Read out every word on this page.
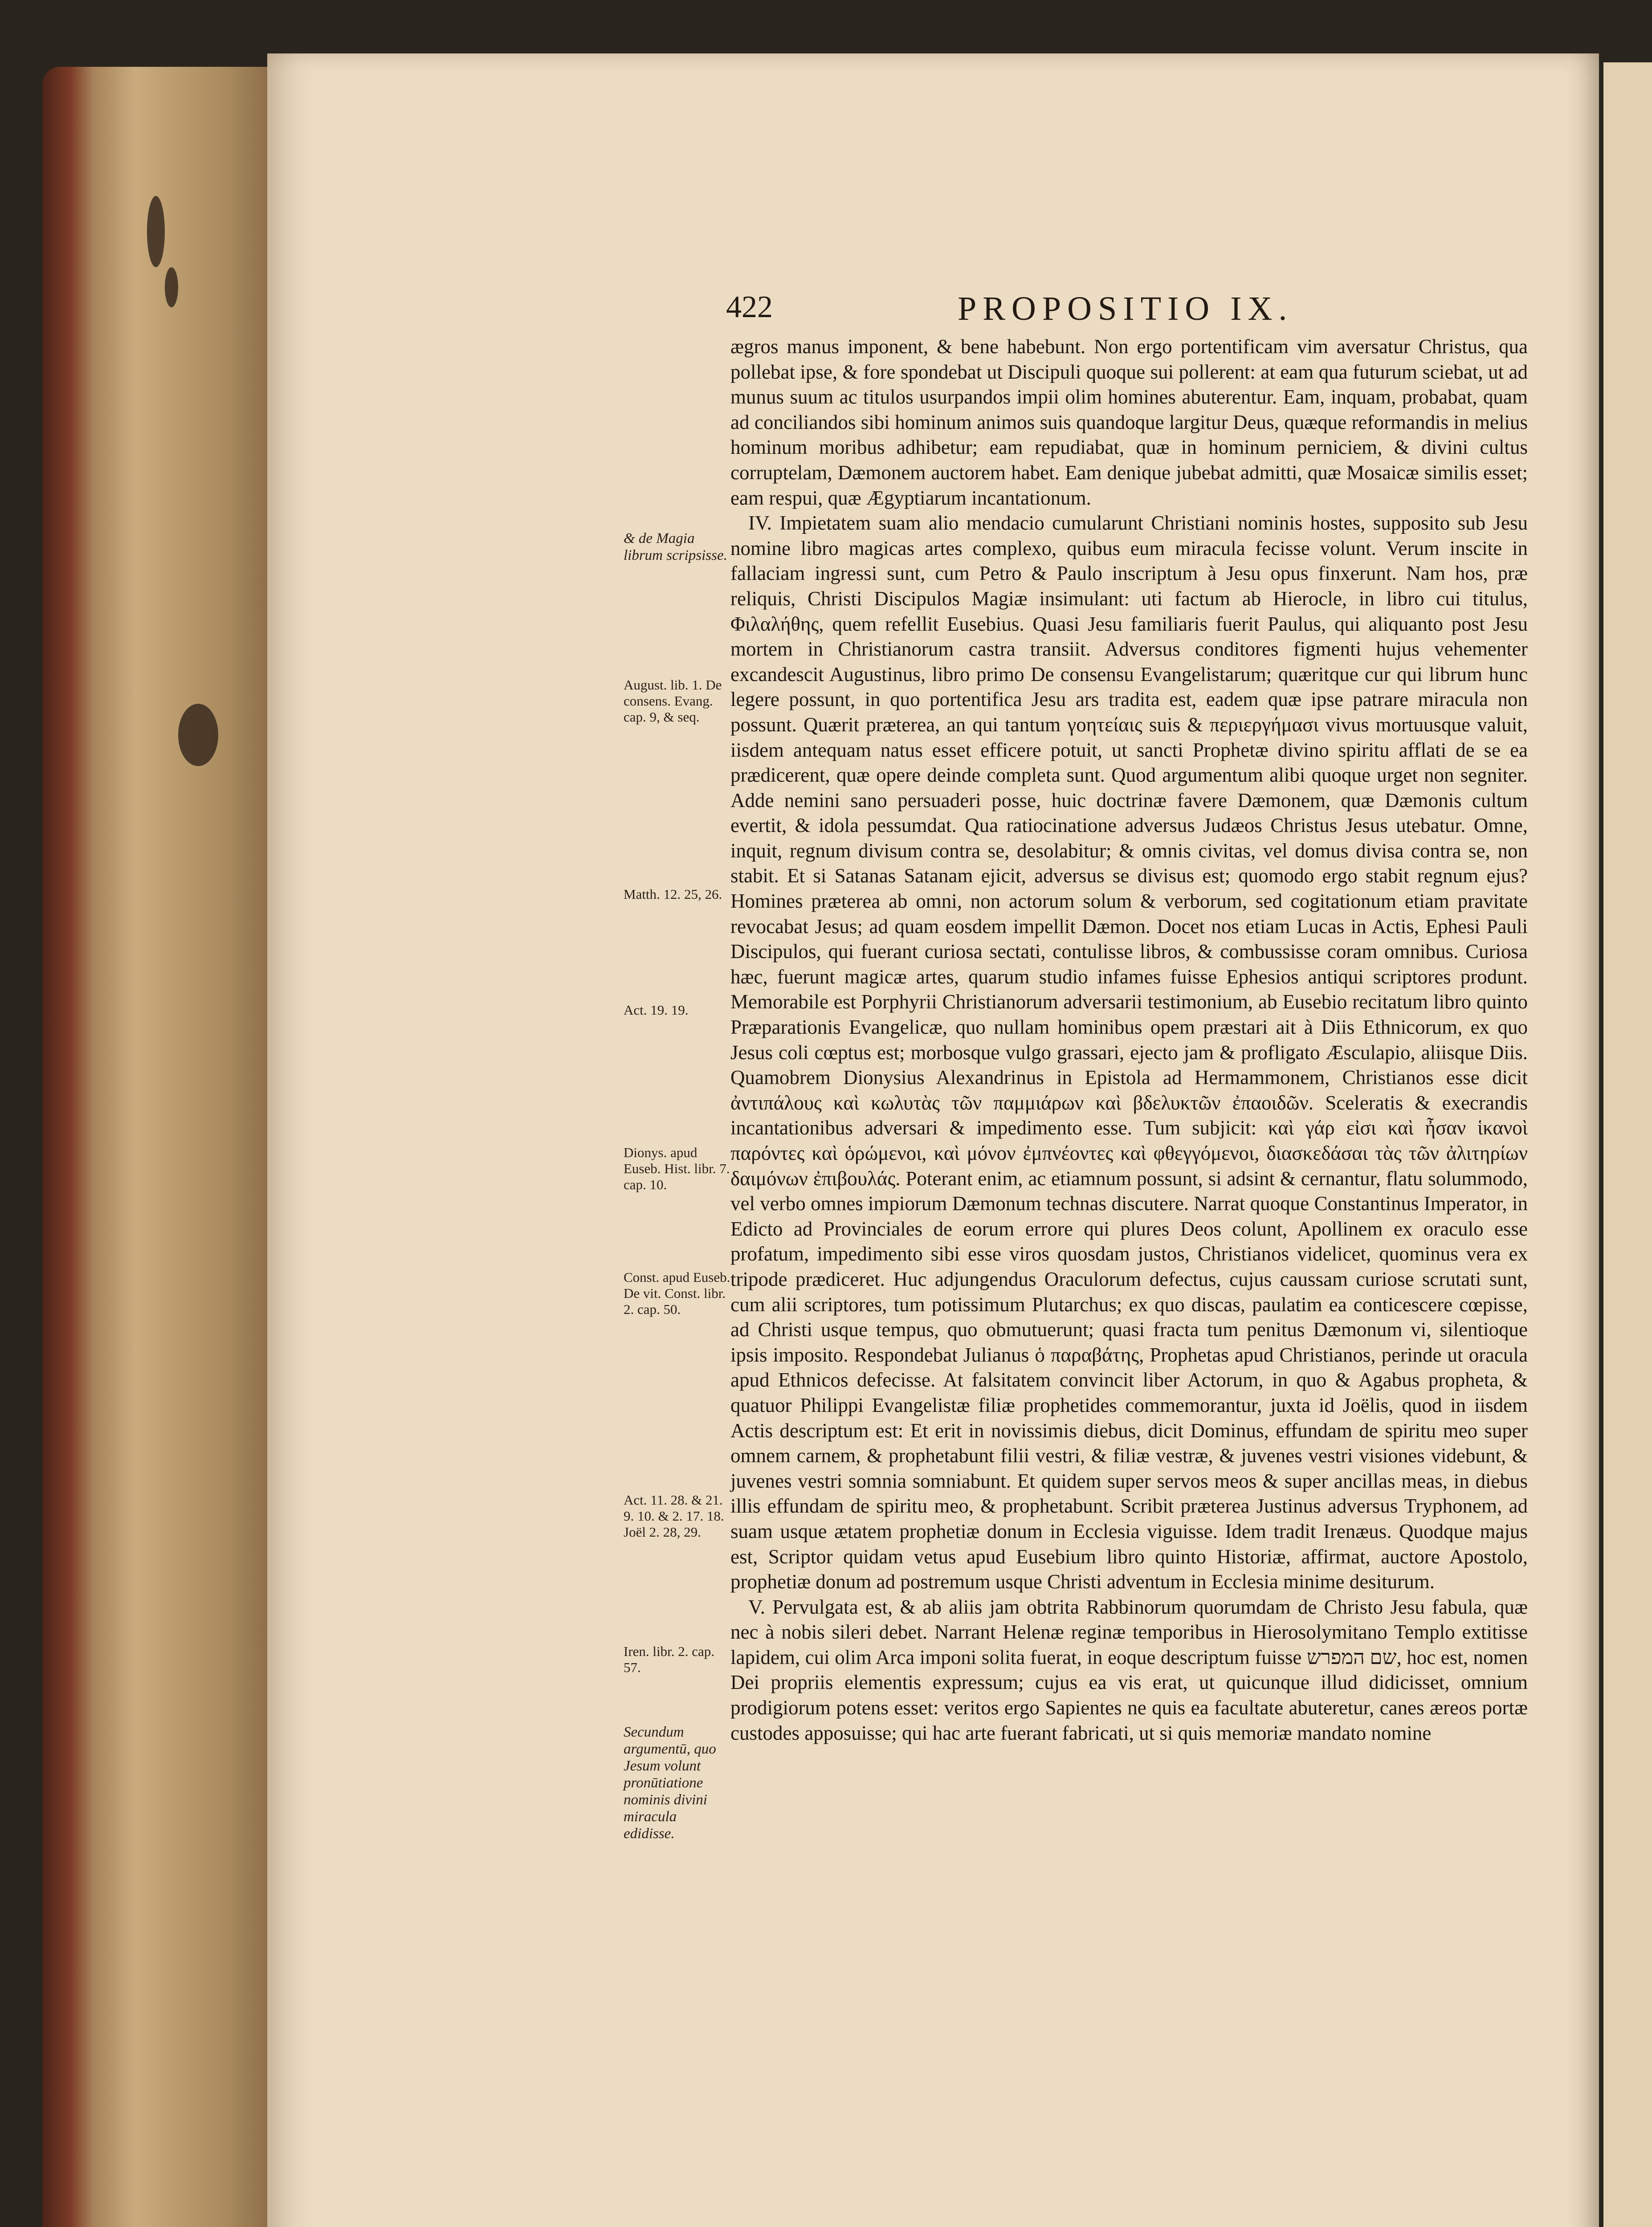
422	PROPOSITIO IX.
& de Magia librum scripsisse.
August. lib. 1. De consens. Evang. cap. 9, & seq.
Matth. 12. 25, 26.
Act. 19. 19.
Dionys. apud Euseb. Hist. libr. 7. cap. 10.
Const. apud Euseb. De vit. Const. libr. 2. cap. 50.
Act. 11. 28. & 21. 9. 10. & 2. 17. 18. Joël 2. 28, 29.
Iren. libr. 2. cap. 57.
Secundum argumentū, quo Jesum volunt pronūtiatione nominis divini miracula edidisse.

ægros manus imponent, & bene habebunt. Non ergo portentificam vim aversatur Christus, qua pollebat ipse, & fore spondebat ut Discipuli quoque sui pollerent: at eam qua futurum sciebat, ut ad munus suum ac titulos usurpandos impii olim homines abuterentur. Eam, inquam, probabat, quam ad conciliandos sibi hominum animos suis quandoque largitur Deus, quæque reformandis in melius hominum moribus adhibetur; eam repudiabat, quæ in hominum perniciem, & divini cultus corruptelam, Dæmonem auctorem habet. Eam denique jubebat admitti, quæ Mosaicæ similis esset; eam respui, quæ Ægyptiarum incantationum.

IV. Impietatem suam alio mendacio cumularunt Christiani nominis hostes, supposito sub Jesu nomine libro magicas artes complexo, quibus eum miracula fecisse volunt. Verum inscite in fallaciam ingressi sunt, cum Petro & Paulo inscriptum à Jesu opus finxerunt. Nam hos, præ reliquis, Christi Discipulos Magiæ insimulant: uti factum ab Hierocle, in libro cui titulus, Φιλαλήθης, quem refellit Eusebius. Quasi Jesu familiaris fuerit Paulus, qui aliquanto post Jesu mortem in Christianorum castra transiit. Adversus conditores figmenti hujus vehementer excandescit Augustinus, libro primo De consensu Evangelistarum; quæritque cur qui librum hunc legere possunt, in quo portentifica Jesu ars tradita est, eadem quæ ipse patrare miracula non possunt. Quærit præterea, an qui tantum γοητείαις suis & περιεργήμασι vivus mortuusque valuit, iisdem antequam natus esset efficere potuit, ut sancti Prophetæ divino spiritu afflati de se ea prædicerent, quæ opere deinde completa sunt. Quod argumentum alibi quoque urget non segniter. Adde nemini sano persuaderi posse, huic doctrinæ favere Dæmonem, quæ Dæmonis cultum evertit, & idola pessumdat. Qua ratiocinatione adversus Judæos Christus Jesus utebatur. Omne, inquit, regnum divisum contra se, desolabitur; & omnis civitas, vel domus divisa contra se, non stabit. Et si Satanas Satanam ejicit, adversus se divisus est; quomodo ergo stabit regnum ejus? Homines præterea ab omni, non actorum solum & verborum, sed cogitationum etiam pravitate revocabat Jesus; ad quam eosdem impellit Dæmon. Docet nos etiam Lucas in Actis, Ephesi Pauli Discipulos, qui fuerant curiosa sectati, contulisse libros, & combussisse coram omnibus. Curiosa hæc, fuerunt magicæ artes, quarum studio infames fuisse Ephesios antiqui scriptores produnt. Memorabile est Porphyrii Christianorum adversarii testimonium, ab Eusebio recitatum libro quinto Præparationis Evangelicæ, quo nullam hominibus opem præstari ait à Diis Ethnicorum, ex quo Jesus coli cœptus est; morbosque vulgo grassari, ejecto jam & profligato Æsculapio, aliisque Diis. Quamobrem Dionysius Alexandrinus in Epistola ad Hermammonem, Christianos esse dicit ἀντιπάλους καὶ κωλυτὰς τῶν παμμιάρων καὶ βδελυκτῶν ἐπαοιδῶν. Sceleratis & execrandis incantationibus adversari & impedimento esse. Tum subjicit: καὶ γάρ εἰσι καὶ ἦσαν ἱκανοὶ παρόντες καὶ ὁρώμενοι, καὶ μόνον ἐμπνέοντες καὶ φθεγγόμενοι, διασκεδάσαι τὰς τῶν ἀλιτηρίων δαιμόνων ἐπιβουλάς. Poterant enim, ac etiamnum possunt, si adsint & cernantur, flatu solummodo, vel verbo omnes impiorum Dæmonum technas discutere. Narrat quoque Constantinus Imperator, in Edicto ad Provinciales de eorum errore qui plures Deos colunt, Apollinem ex oraculo esse profatum, impedimento sibi esse viros quosdam justos, Christianos videlicet, quominus vera ex tripode prædiceret. Huc adjungendus Oraculorum defectus, cujus caussam curiose scrutati sunt, cum alii scriptores, tum potissimum Plutarchus; ex quo discas, paulatim ea conticescere cœpisse, ad Christi usque tempus, quo obmutuerunt; quasi fracta tum penitus Dæmonum vi, silentioque ipsis imposito. Respondebat Julianus ὁ παραβάτης, Prophetas apud Christianos, perinde ut oracula apud Ethnicos defecisse. At falsitatem convincit liber Actorum, in quo & Agabus propheta, & quatuor Philippi Evangelistæ filiæ prophetides commemorantur, juxta id Joëlis, quod in iisdem Actis descriptum est: Et erit in novissimis diebus, dicit Dominus, effundam de spiritu meo super omnem carnem, & prophetabunt filii vestri, & filiæ vestræ, & juvenes vestri visiones videbunt, & juvenes vestri somnia somniabunt. Et quidem super servos meos & super ancillas meas, in diebus illis effundam de spiritu meo, & prophetabunt. Scribit præterea Justinus adversus Tryphonem, ad suam usque ætatem prophetiæ donum in Ecclesia viguisse. Idem tradit Irenæus. Quodque majus est, Scriptor quidam vetus apud Eusebium libro quinto Historiæ, affirmat, auctore Apostolo, prophetiæ donum ad postremum usque Christi adventum in Ecclesia minime desiturum.

V. Pervulgata est, & ab aliis jam obtrita Rabbinorum quorumdam de Christo Jesu fabula, quæ nec à nobis sileri debet. Narrant Helenæ reginæ temporibus in Hierosolymitano Templo extitisse lapidem, cui olim Arca imponi solita fuerat, in eoque descriptum fuisse שם המפרש, hoc est, nomen Dei propriis elementis expressum; cujus ea vis erat, ut quicunque illud didicisset, omnium prodigiorum potens esset: veritos ergo Sapientes ne quis ea facultate abuteretur, canes æreos portæ custodes apposuisse; qui hac arte fuerant fabricati, ut si quis memoriæ mandato nomine
